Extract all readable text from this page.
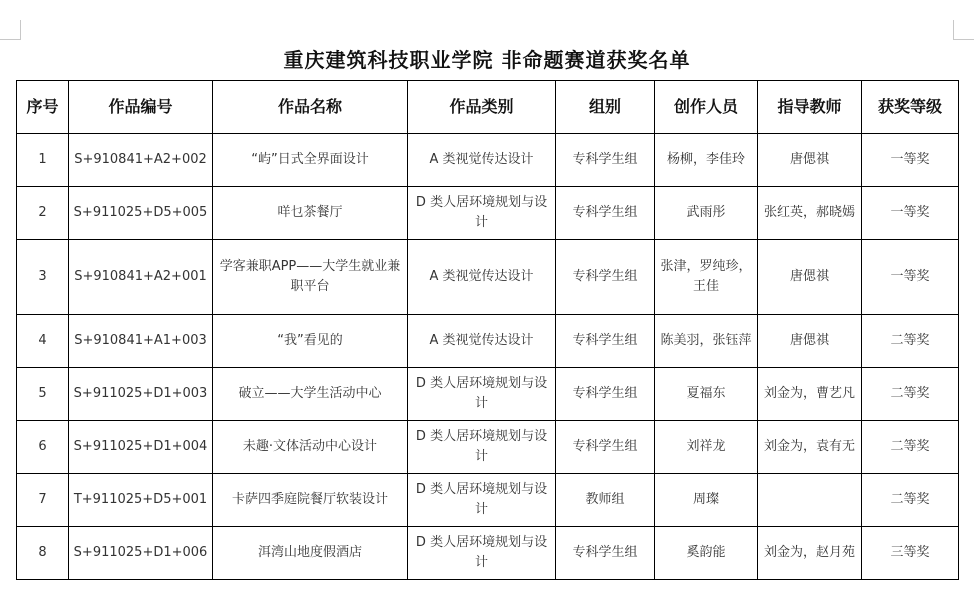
重庆建筑科技职业学院 非命题赛道获奖名单
序号	作品编号	作品名称	作品类别	组别	创作人员	指导教师	获奖等级
1	S+910841+A2+002	“屿”日式全界面设计	A 类视觉传达设计	专科学生组	杨柳，李佳玲	唐偲祺	一等奖
2	S+911025+D5+005	咩乜茶餐厅	D 类人居环境规划与设计	专科学生组	武雨彤	张红英，郝晓嫣	一等奖
3	S+910841+A2+001	学客兼职APP——大学生就业兼职平台	A 类视觉传达设计	专科学生组	张津，罗纯珍，王佳	唐偲祺	一等奖
4	S+910841+A1+003	“我”看见的	A 类视觉传达设计	专科学生组	陈美羽，张钰萍	唐偲祺	二等奖
5	S+911025+D1+003	破立——大学生活动中心	D 类人居环境规划与设计	专科学生组	夏福东	刘金为，曹艺凡	二等奖
6	S+911025+D1+004	未趣·文体活动中心设计	D 类人居环境规划与设计	专科学生组	刘祥龙	刘金为，袁有无	二等奖
7	T+911025+D5+001	卡萨四季庭院餐厅软装设计	D 类人居环境规划与设计	教师组	周璨		二等奖
8	S+911025+D1+006	洱湾山地度假酒店	D 类人居环境规划与设计	专科学生组	奚韵能	刘金为，赵月苑	三等奖
